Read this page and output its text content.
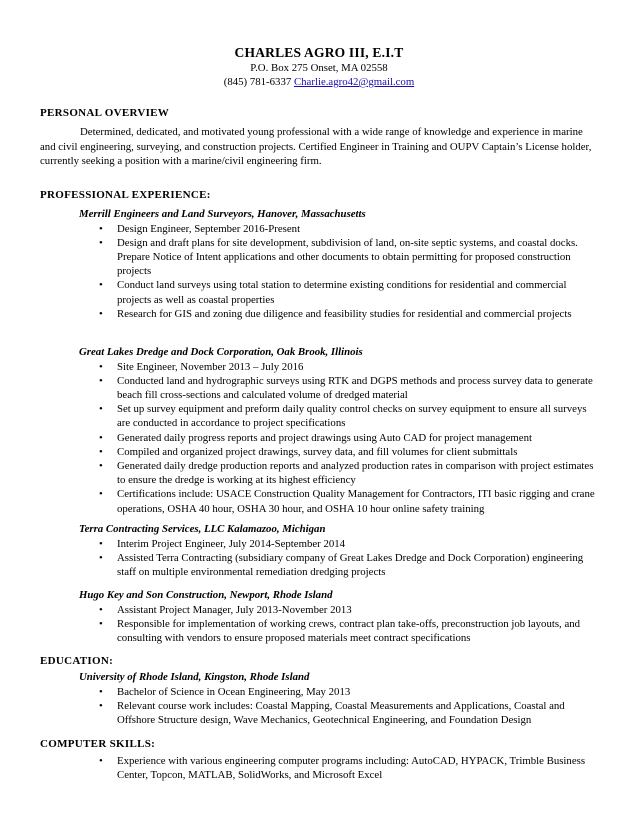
CHARLES AGRO III, E.I.T
P.O. Box 275 Onset, MA 02558
(845) 781-6337 Charlie.agro42@gmail.com
PERSONAL OVERVIEW
Determined, dedicated, and motivated young professional with a wide range of knowledge and experience in marine and civil engineering, surveying, and construction projects. Certified Engineer in Training and OUPV Captain’s License holder, currently seeking a position with a marine/civil engineering firm.
PROFESSIONAL EXPERIENCE:
Merrill Engineers and Land Surveyors, Hanover, Massachusetts
• Design Engineer, September 2016-Present
• Design and draft plans for site development, subdivision of land, on-site septic systems, and coastal docks. Prepare Notice of Intent applications and other documents to obtain permitting for proposed construction projects
• Conduct land surveys using total station to determine existing conditions for residential and commercial projects as well as coastal properties
• Research for GIS and zoning due diligence and feasibility studies for residential and commercial projects
Great Lakes Dredge and Dock Corporation, Oak Brook, Illinois
• Site Engineer, November 2013 – July 2016
• Conducted land and hydrographic surveys using RTK and DGPS methods and process survey data to generate beach fill cross-sections and calculated volume of dredged material
• Set up survey equipment and preform daily quality control checks on survey equipment to ensure all surveys are conducted in accordance to project specifications
• Generated daily progress reports and project drawings using Auto CAD for project management
• Compiled and organized project drawings, survey data, and fill volumes for client submittals
• Generated daily dredge production reports and analyzed production rates in comparison with project estimates to ensure the dredge is working at its highest efficiency
• Certifications include: USACE Construction Quality Management for Contractors, ITI basic rigging and crane operations, OSHA 40 hour, OSHA 30 hour, and OSHA 10 hour online safety training
Terra Contracting Services, LLC Kalamazoo, Michigan
• Interim Project Engineer, July 2014-September 2014
• Assisted Terra Contracting (subsidiary company of Great Lakes Dredge and Dock Corporation) engineering staff on multiple environmental remediation dredging projects
Hugo Key and Son Construction, Newport, Rhode Island
• Assistant Project Manager, July 2013-November 2013
• Responsible for implementation of working crews, contract plan take-offs, preconstruction job layouts, and consulting with vendors to ensure proposed materials meet contract specifications
EDUCATION:
University of Rhode Island, Kingston, Rhode Island
• Bachelor of Science in Ocean Engineering, May 2013
• Relevant course work includes: Coastal Mapping, Coastal Measurements and Applications, Coastal and Offshore Structure design, Wave Mechanics, Geotechnical Engineering, and Foundation Design
COMPUTER SKILLS:
• Experience with various engineering computer programs including: AutoCAD, HYPACK, Trimble Business Center, Topcon, MATLAB, SolidWorks, and Microsoft Excel
